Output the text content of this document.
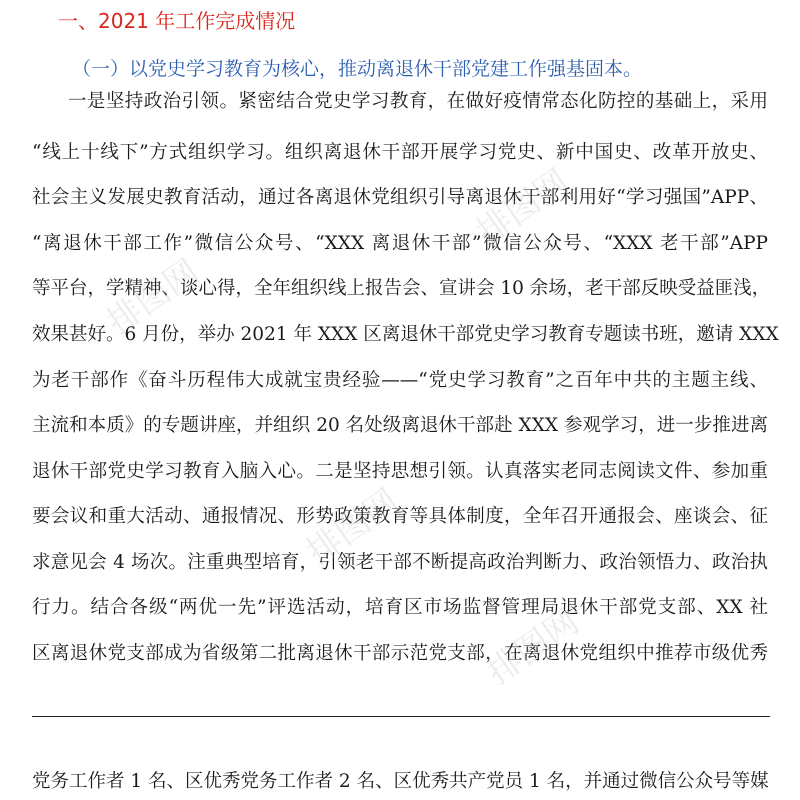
一、2021 年工作完成情况
（一）以党史学习教育为核心，推动离退休干部党建工作强基固本。
一是坚持政治引领。紧密结合党史学习教育，在做好疫情常态化防控的基础上，采用
“线上十线下”方式组织学习。组织离退休干部开展学习党史、新中国史、改革开放史、
社会主义发展史教育活动，通过各离退休党组织引导离退休干部利用好“学习强国”APP、
“离退休干部工作”微信公众号、“XXX 离退休干部”微信公众号、“XXX 老干部”APP
等平台，学精神、谈心得，全年组织线上报告会、宣讲会 10 余场，老干部反映受益匪浅，
效果甚好。6 月份，举办 2021 年 XXX 区离退休干部党史学习教育专题读书班，邀请 XXX
为老干部作《奋斗历程伟大成就宝贵经验——“党史学习教育”之百年中共的主题主线、
主流和本质》的专题讲座，并组织 20 名处级离退休干部赴 XXX 参观学习，进一步推进离
退休干部党史学习教育入脑入心。二是坚持思想引领。认真落实老同志阅读文件、参加重
要会议和重大活动、通报情况、形势政策教育等具体制度，全年召开通报会、座谈会、征
求意见会 4 场次。注重典型培育，引领老干部不断提高政治判断力、政治领悟力、政治执
行力。结合各级“两优一先”评选活动，培育区市场监督管理局退休干部党支部、XX 社
区离退休党支部成为省级第二批离退休干部示范党支部，在离退休党组织中推荐市级优秀
党务工作者 1 名、区优秀党务工作者 2 名、区优秀共产党员 1 名，并通过微信公众号等媒
排图网
排图网
排图网
排图网
